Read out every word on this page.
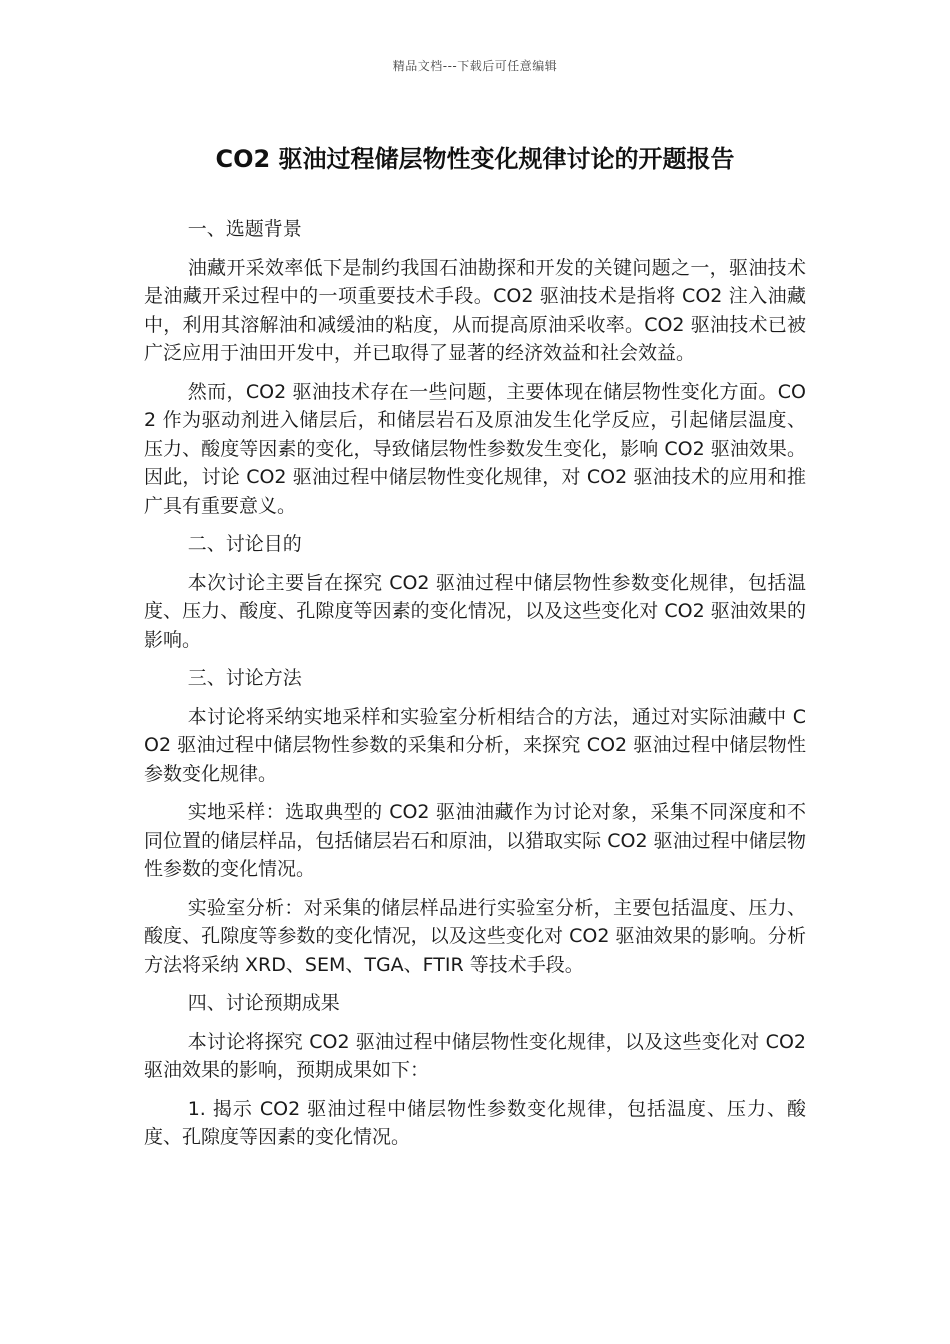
精品文档---下载后可任意编辑
CO2 驱油过程储层物性变化规律讨论的开题报告

一、选题背景

油藏开采效率低下是制约我国石油勘探和开发的关键问题之一，驱油技术是油藏开采过程中的一项重要技术手段。CO2 驱油技术是指将 CO2 注入油藏中，利用其溶解油和减缓油的粘度，从而提高原油采收率。CO2 驱油技术已被广泛应用于油田开发中，并已取得了显著的经济效益和社会效益。

然而，CO2 驱油技术存在一些问题，主要体现在储层物性变化方面。CO2 作为驱动剂进入储层后，和储层岩石及原油发生化学反应，引起储层温度、压力、酸度等因素的变化，导致储层物性参数发生变化，影响 CO2 驱油效果。因此，讨论 CO2 驱油过程中储层物性变化规律，对 CO2 驱油技术的应用和推广具有重要意义。

二、讨论目的

本次讨论主要旨在探究 CO2 驱油过程中储层物性参数变化规律，包括温度、压力、酸度、孔隙度等因素的变化情况，以及这些变化对 CO2 驱油效果的影响。

三、讨论方法

本讨论将采纳实地采样和实验室分析相结合的方法，通过对实际油藏中 CO2 驱油过程中储层物性参数的采集和分析，来探究 CO2 驱油过程中储层物性参数变化规律。

实地采样：选取典型的 CO2 驱油油藏作为讨论对象，采集不同深度和不同位置的储层样品，包括储层岩石和原油，以猎取实际 CO2 驱油过程中储层物性参数的变化情况。

实验室分析：对采集的储层样品进行实验室分析，主要包括温度、压力、酸度、孔隙度等参数的变化情况，以及这些变化对 CO2 驱油效果的影响。分析方法将采纳 XRD、SEM、TGA、FTIR 等技术手段。

四、讨论预期成果

本讨论将探究 CO2 驱油过程中储层物性变化规律，以及这些变化对 CO2 驱油效果的影响，预期成果如下：

1. 揭示 CO2 驱油过程中储层物性参数变化规律，包括温度、压力、酸度、孔隙度等因素的变化情况。
